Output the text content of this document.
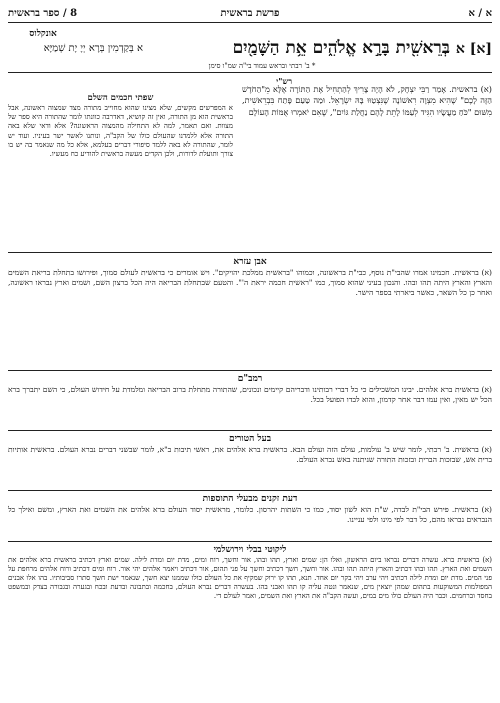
א / א
פרשת בראשית
8 / ספר בראשית
אונקלוס
[א] א בְּרֵאשִׁ֖ית בָּרָ֣א אֱלֹהִ֑ים אֵ֥ת הַשָּׁמַ֖יִם
א בְּקַדְמִין בְּרָא יְיָ יָת שְׁמַיָּא
* ב' רבתי ובראש עמוד בי"ה שמ"ו סימן
רש"י
(א) בראשית. אָמַר רַבִּי יִצְחָק, לֹא הָיָה צָרִיךְ לְהַתְחִיל אֶת הַתּוֹרָה אֶלָּא מֵ"הַחֹדֶשׁ הַזֶּה לָכֶם" שֶׁהִיא מִצְוָה רִאשׁוֹנָה שֶׁנִּצְטַוּוּ בָּהּ יִשְׂרָאֵל. וּמַה טַּעַם פָּתַח בִּבְרֵאשִׁית, מִשּׁוּם "כֹּחַ מַעֲשָׂיו הִגִּיד לְעַמּוֹ לָתֵת לָהֶם נַחֲלַת גּוֹיִם", שֶׁאִם יֹאמְרוּ אֻמּוֹת הָעוֹלָם
שפתי חכמים השלם
א המפרשים מקשים, שלא מצינו שהוא מחוייב מתורה מצד שמצוה ראשונה, אבל בראשית הוא מן התורה, ואין זה קושיא, דאדרבה כוונתו לומר שהתורה היא ספר של מצוות. ואם תאמר, למה לא התחילה מהמצוה הראשונה? אלא ודאי שלא באה התורה אלא ללמדנו שהעולם כולו של הקב"ה, ונותנו לאשר ישר בעיניו. ועוד יש לומר, שהתורה לא באה ללמד סיפורי דברים בעלמא, אלא כל מה שנאמר בה יש בו צורך ותועלת לדורות, ולכן הקדים מעשה בראשית להודיע כח מעשיו.
אבן עזרא
(א) בראשית. חכמינו אמרו שהבי"ת נוסף, כבי"ת בראשונה, וכמוהו "בראשית ממלכת יהויקים". ויש אומרים כי בראשית לעולם סמוך, ופירושו בתחלת בריאת השמים והארץ והארץ היתה תהו ובהו. והנכון בעיני שהוא סמוך, כמו "ראשית חכמה יראת ה'". והטעם שבתחלת הבריאה היה הכל ברצון השם, ושמים וארץ נבראו ראשונה, ואחר כן כל השאר, כאשר ביארתי בספר הישר.
רמב"ם
(א) בראשית ברא אלהים. יבינו המשכילים כי כל דברי רבותינו ודבריהם קיימים ונכונים, שהתורה מתחלת ברוב הבריאה ומלמדת על חידוש העולם, כי השם יתברך ברא הכל יש מאין, ואין עמו דבר אחר קדמון, והוא לבדו הפועל בכל.
בעל הטורים
(א) בראשית. ב' רבתי, לומר שיש ב' עולמות, עולם הזה ועולם הבא. בראשית ברא אלהים את, ראשי תיבות ב"א, לומר שבשני דברים נברא העולם. בראשית אותיות ברית אש, שבזכות הברית ובזכות התורה שניתנה באש נברא העולם.
דעת זקנים מבעלי התוספות
(א) בראשית. פירש הבי"ת לבדה, ש"ת הוא לשון יסוד, כמו כי השתות יהרסון. כלומר, מראשית יסוד העולם ברא אלהים את השמים ואת הארץ, ומשם ואילך כל הנבראים נבראו מהם, כל דבר לפי מינו ולפי עניינו.
ליקוטי בבלי וירושלמי
(א) בראשית ברא. עשרה דברים נבראו ביום הראשון, ואלו הן: שמים וארץ, תהו ובהו, אור וחשך, רוח ומים, מדת יום ומדת לילה. שמים וארץ דכתיב בראשית ברא אלהים את השמים ואת הארץ. תהו ובהו דכתיב והארץ היתה תהו ובהו. אור וחשך, חשך דכתיב וחשך על פני תהום, אור דכתיב ויאמר אלהים יהי אור. רוח ומים דכתיב ורוח אלהים מרחפת על פני המים. מדת יום ומדת לילה דכתיב ויהי ערב ויהי בקר יום אחד. תנא, תהו קו ירוק שמקיף את כל העולם כולו שממנו יצא חשך, שנאמר ישת חשך סתרו סביבותיו. בהו אלו אבנים המפולמות המשוקעות בתהום שמהן יוצאין מים, שנאמר ונטה עליה קו תהו ואבני בהו. בעשרה דברים נברא העולם, בחכמה ובתבונה ובדעת ובכח ובגערה ובגבורה בצדק ובמשפט בחסד וברחמים. וכבר היה העולם כולו מים במים, ועשה הקב"ה את הארץ ואת השמים, ואמר לעולם די.
